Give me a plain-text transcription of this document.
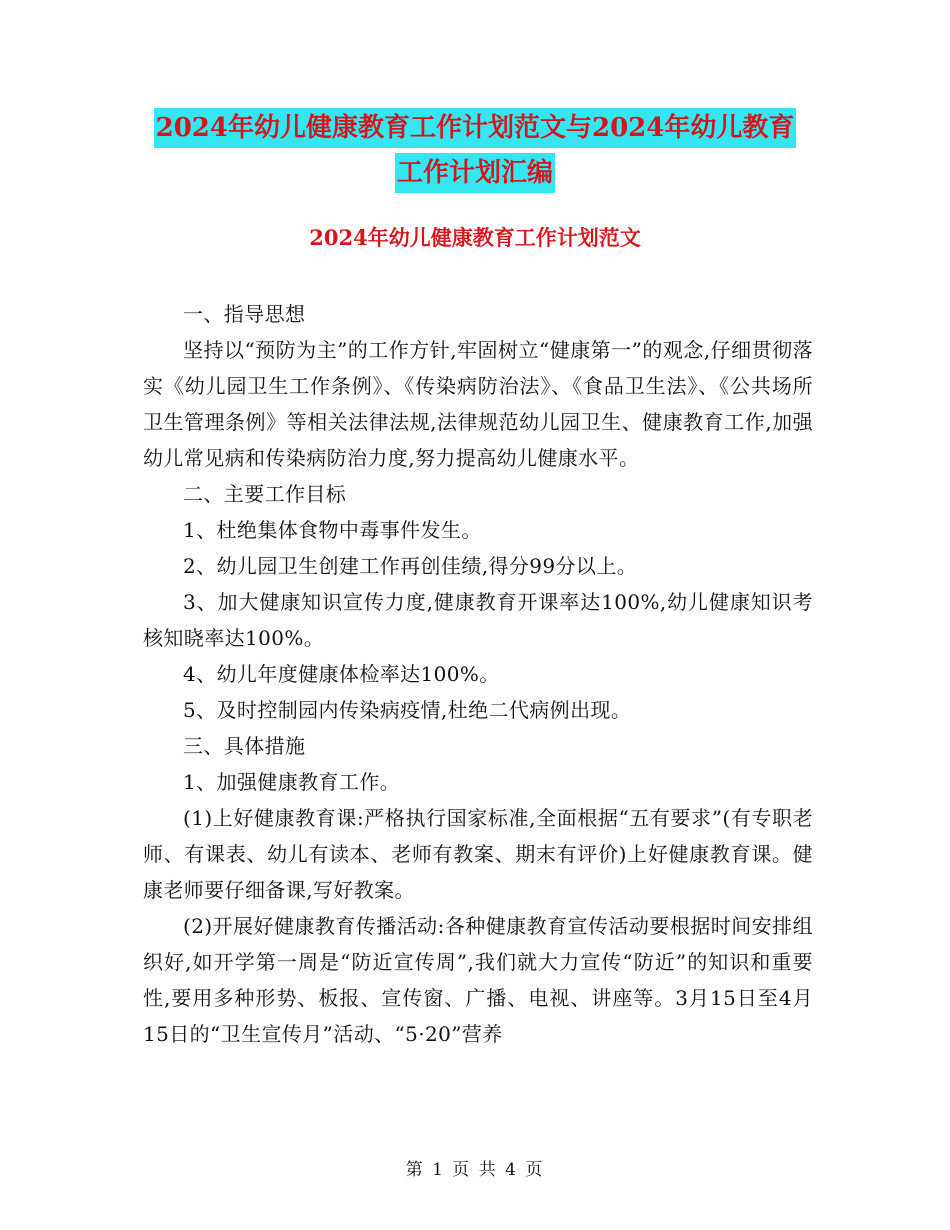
2024年幼儿健康教育工作计划范文与2024年幼儿教育
工作计划汇编
2024年幼儿健康教育工作计划范文

一、指导思想

坚持以“预防为主”的工作方针,牢固树立“健康第一”的观念,仔细贯彻落实《幼儿园卫生工作条例》、《传染病防治法》、《食品卫生法》、《公共场所卫生管理条例》等相关法律法规,法律规范幼儿园卫生、健康教育工作,加强幼儿常见病和传染病防治力度,努力提高幼儿健康水平。

二、主要工作目标

1、杜绝集体食物中毒事件发生。

2、幼儿园卫生创建工作再创佳绩,得分99分以上。

3、加大健康知识宣传力度,健康教育开课率达100%,幼儿健康知识考核知晓率达100%。

4、幼儿年度健康体检率达100%。

5、及时控制园内传染病疫情,杜绝二代病例出现。

三、具体措施

1、加强健康教育工作。

(1)上好健康教育课:严格执行国家标准,全面根据“五有要求”(有专职老师、有课表、幼儿有读本、老师有教案、期末有评价)上好健康教育课。健康老师要仔细备课,写好教案。

(2)开展好健康教育传播活动:各种健康教育宣传活动要根据时间安排组织好,如开学第一周是“防近宣传周”,我们就大力宣传“防近”的知识和重要性,要用多种形势、板报、宣传窗、广播、电视、讲座等。3月15日至4月15日的“卫生宣传月”活动、“5·20”营养

第 1 页 共 4 页
